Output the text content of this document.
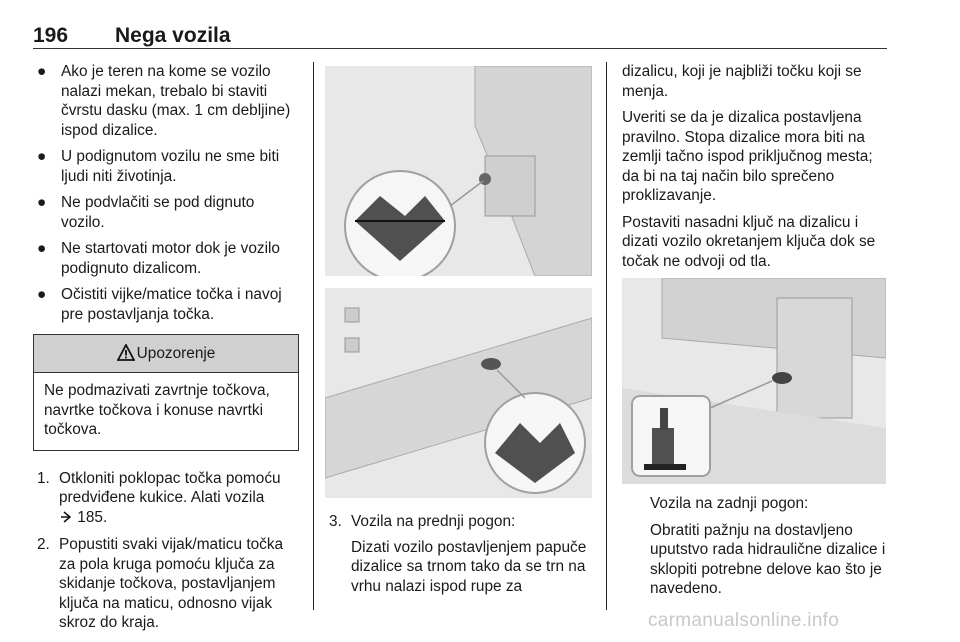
196 Nega vozila
● Ako je teren na kome se vozilo nalazi mekan, trebalo bi staviti čvrstu dasku (max. 1 cm debljine) ispod dizalice.
● U podignutom vozilu ne sme biti ljudi niti životinja.
● Ne podvlačiti se pod dignuto vozilo.
● Ne startovati motor dok je vozilo podignuto dizalicom.
● Očistiti vijke/matice točka i navoj pre postavljanja točka.
Upozorenje
Ne podmazivati zavrtnje točkova, navrtke točkova i konuse navrtki točkova.
1. Otkloniti poklopac točka pomoću predviđene kukice. Alati vozila
185.
2. Popustiti svaki vijak/maticu točka za pola kruga pomoću ključa za skidanje točkova, postavljanjem ključa na maticu, odnosno vijak skroz do kraja.
3. Vozila na prednji pogon:
Dizati vozilo postavljenjem papuče dizalice sa trnom tako da se trn na vrhu nalazi ispod rupe za
dizalicu, koji je najbliži točku koji se menja.
Uveriti se da je dizalica postavljena pravilno. Stopa dizalice mora biti na zemlji tačno ispod priključnog mesta; da bi na taj način bilo sprečeno proklizavanje.
Postaviti nasadni ključ na dizalicu i dizati vozilo okretanjem ključa dok se točak ne odvoji od tla.
Vozila na zadnji pogon:
Obratiti pažnju na dostavljeno uputstvo rada hidraulične dizalice i sklopiti potrebne delove kao što je navedeno.
carmanualsonline.info
